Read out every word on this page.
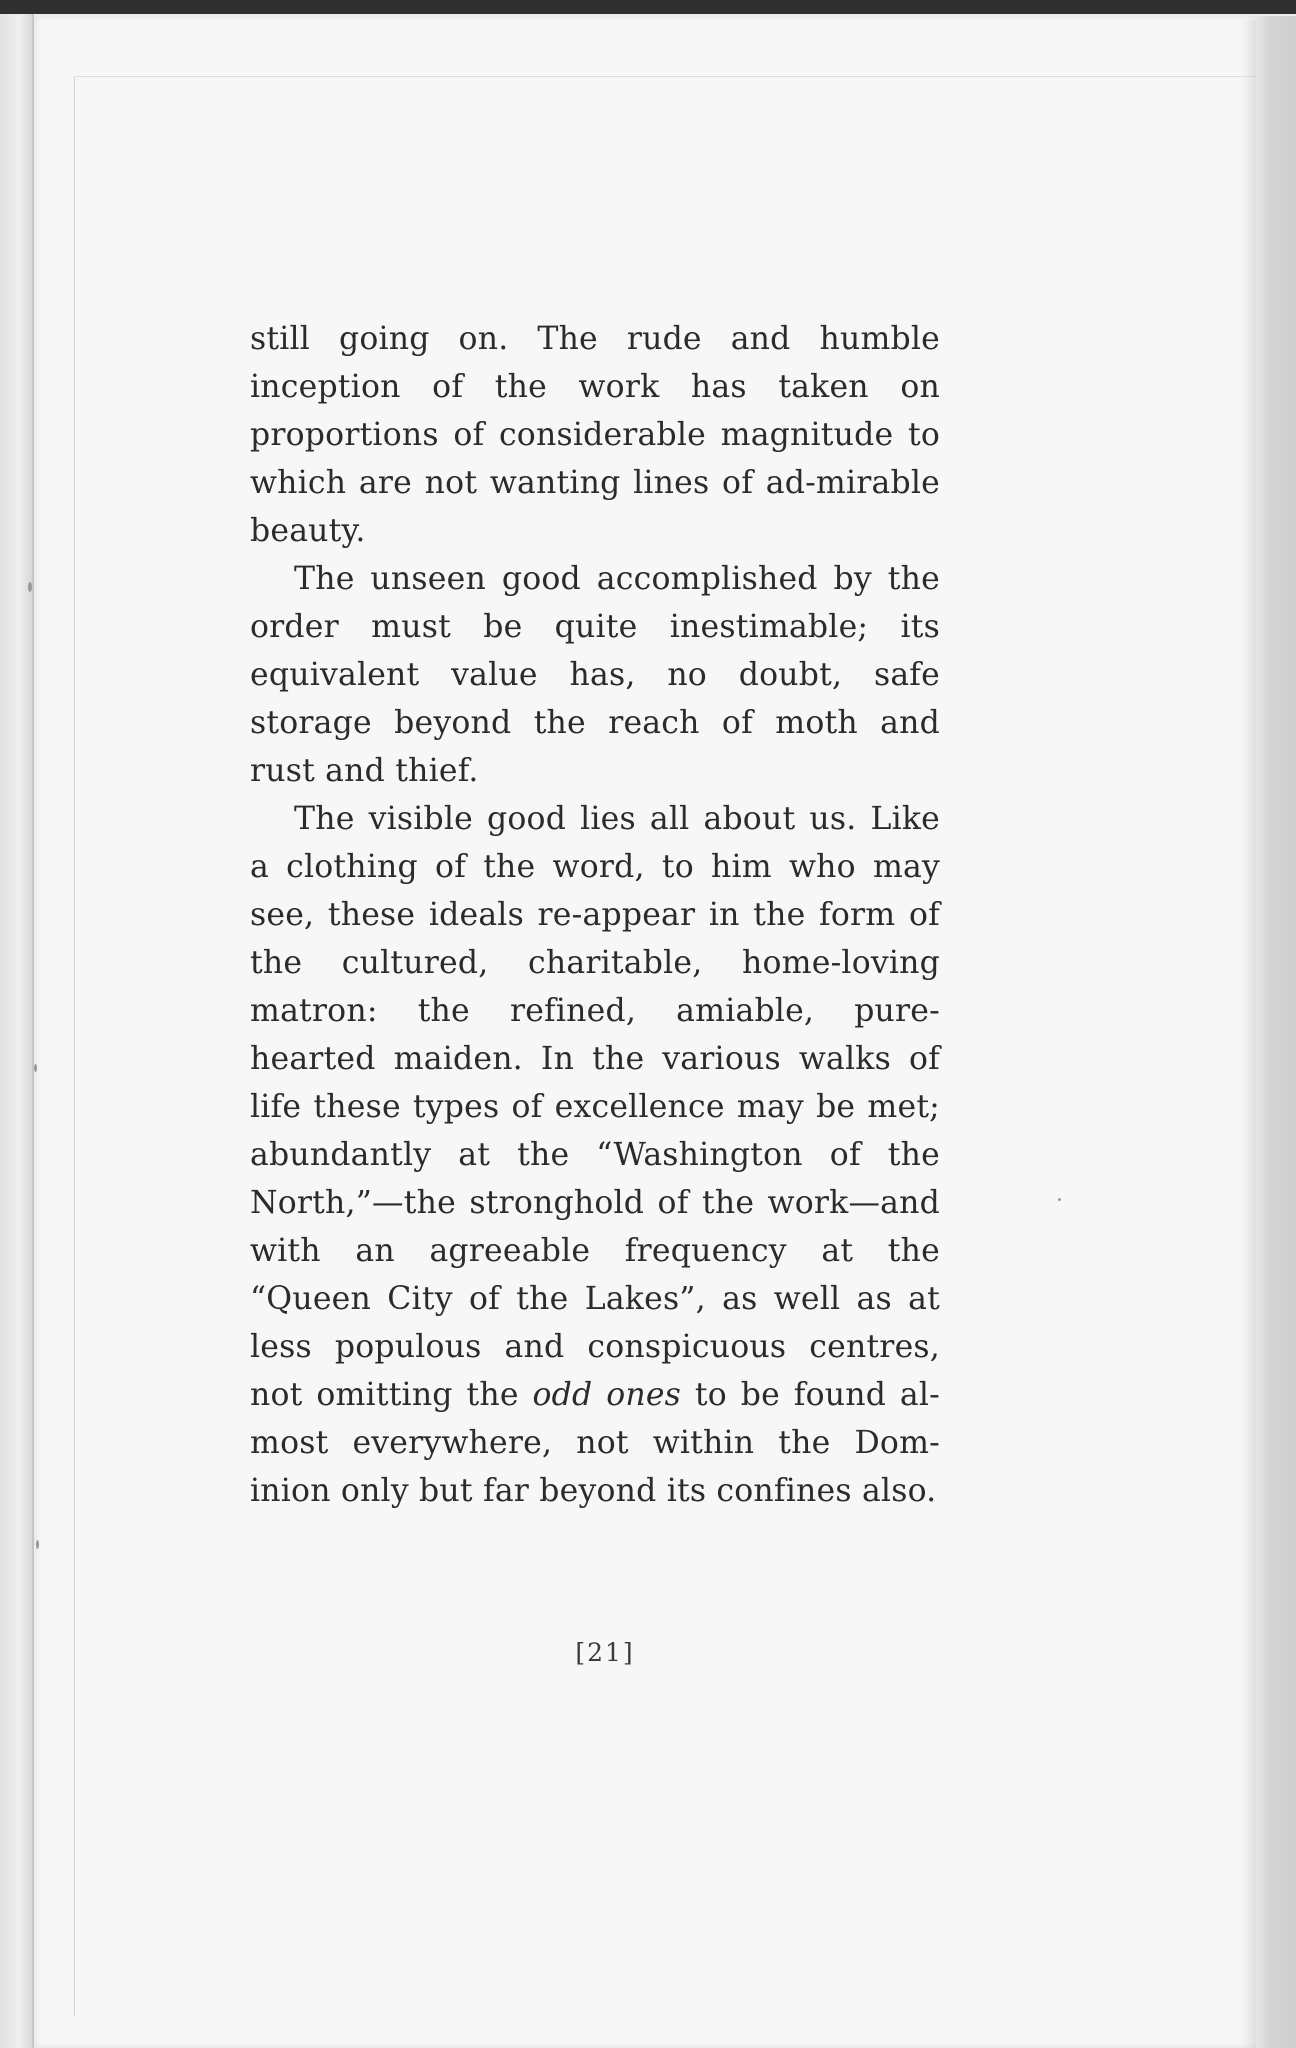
still going on. The rude and humble inception of the work has taken on proportions of considerable magnitude to which are not wanting lines of ad-mirable beauty.

The unseen good accomplished by the order must be quite inestimable; its equivalent value has, no doubt, safe storage beyond the reach of moth and rust and thief.

The visible good lies all about us. Like a clothing of the word, to him who may see, these ideals re-appear in the form of the cultured, charitable, home-loving matron: the refined, amiable, pure-hearted maiden. In the various walks of life these types of excellence may be met; abundantly at the “Washington of the North,”—the stronghold of the work—and with an agreeable frequency at the “Queen City of the Lakes”, as well as at less populous and conspicuous centres, not omitting the odd ones to be found al-most everywhere, not within the Dom-inion only but far beyond its confines also.

[21]
